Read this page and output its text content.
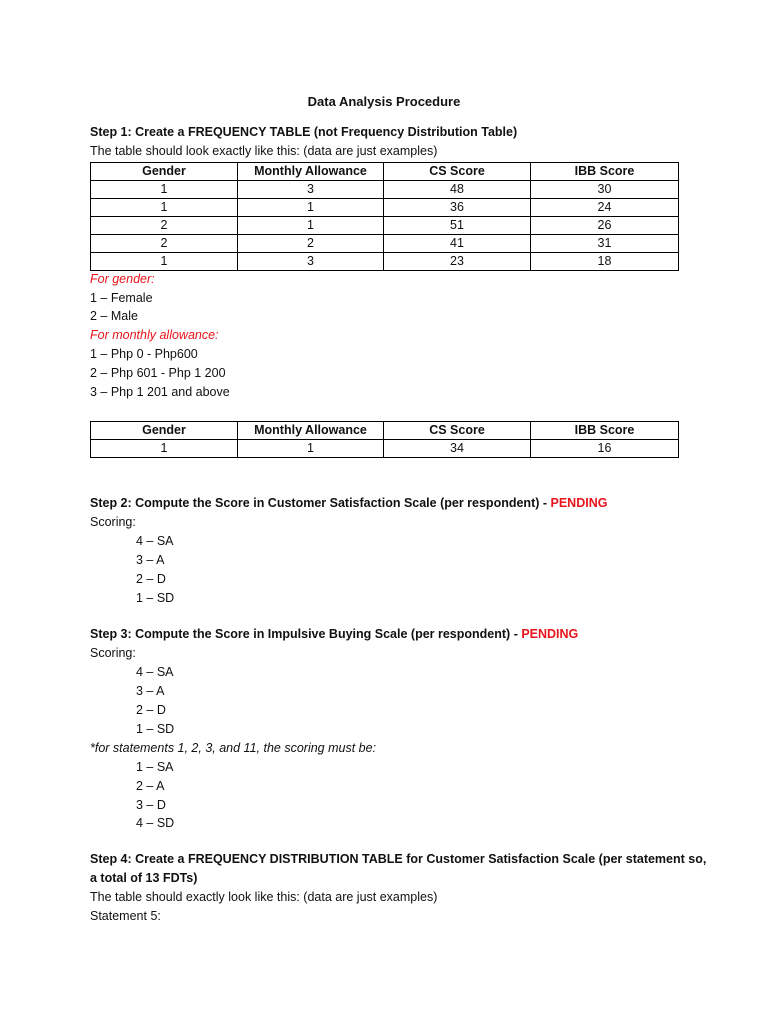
Data Analysis Procedure
Step 1: Create a FREQUENCY TABLE (not Frequency Distribution Table)
The table should look exactly like this: (data are just examples)
Gender	Monthly Allowance	CS Score	IBB Score
1	3	48	30
1	1	36	24
2	1	51	26
2	2	41	31
1	3	23	18
For gender:
1 – Female
2 – Male
For monthly allowance:
1 – Php 0 - Php600
2 – Php 601 - Php 1 200
3 – Php 1 201 and above
Gender	Monthly Allowance	CS Score	IBB Score
1	1	34	16
Step 2: Compute the Score in Customer Satisfaction Scale (per respondent) - PENDING
Scoring:
4 – SA
3 – A
2 – D
1 – SD
Step 3: Compute the Score in Impulsive Buying Scale (per respondent) - PENDING
Scoring:
4 – SA
3 – A
2 – D
1 – SD
*for statements 1, 2, 3, and 11, the scoring must be:
1 – SA
2 – A
3 – D
4 – SD
Step 4: Create a FREQUENCY DISTRIBUTION TABLE for Customer Satisfaction Scale (per statement so,
a total of 13 FDTs)
The table should exactly look like this: (data are just examples)
Statement 5:
